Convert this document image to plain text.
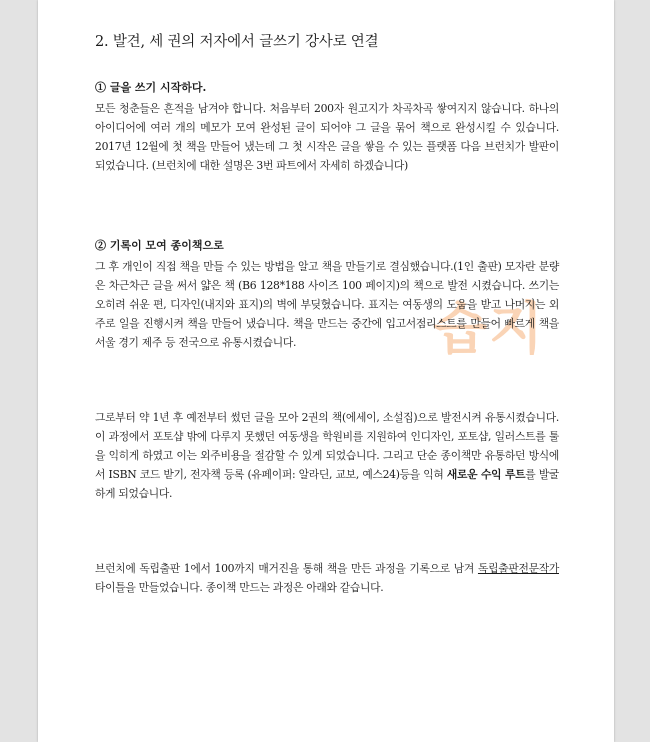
습지
2. 발견, 세 권의 저자에서 글쓰기 강사로 연결

① 글을 쓰기 시작하다.

모든 청춘들은 흔적을 남겨야 합니다. 처음부터 200자 원고지가 차곡차곡 쌓여지지 않습니다. 하나의 아이디어에 여러 개의 메모가 모여 완성된 글이 되어야 그 글을 묶어 책으로 완성시킬 수 있습니다. 2017년 12월에 첫 책을 만들어 냈는데 그 첫 시작은 글을 쌓을 수 있는 플랫폼 다음 브런치가 발판이 되었습니다. (브런치에 대한 설명은 3번 파트에서 자세히 하겠습니다)

② 기록이 모여 종이책으로

그 후 개인이 직접 책을 만들 수 있는 방법을 알고 책을 만들기로 결심했습니다.(1인 출판) 모자란 분량은 차근차근 글을 써서 얇은 책 (B6 128*188 사이즈 100 페이지)의 책으로 발전 시켰습니다. 쓰기는 오히려 쉬운 편, 디자인(내지와 표지)의 벽에 부딪혔습니다. 표지는 여동생의 도움을 받고 나머지는 외주로 일을 진행시켜 책을 만들어 냈습니다. 책을 만드는 중간에 입고서점리스트를 만들어 빠르게 책을 서울 경기 제주 등 전국으로 유통시켰습니다.

그로부터 약 1년 후 예전부터 썼던 글을 모아 2권의 책(에세이, 소설집)으로 발전시켜 유통시켰습니다. 이 과정에서 포토샵 밖에 다루지 못했던 여동생을 학원비를 지원하여 인디자인, 포토샵, 일러스트를 툴을 익히게 하였고 이는 외주비용을 절감할 수 있게 되었습니다. 그리고 단순 종이책만 유통하던 방식에서 ISBN 코드 받기, 전자책 등록 (유페이퍼: 알라딘, 교보, 예스24)등을 익혀 새로운 수익 루트를 발굴하게 되었습니다.

브런치에 독립출판 1에서 100까지 매거진을 통해 책을 만든 과정을 기록으로 남겨 독립출판전문작가 타이틀을 만들었습니다. 종이책 만드는 과정은 아래와 같습니다.
